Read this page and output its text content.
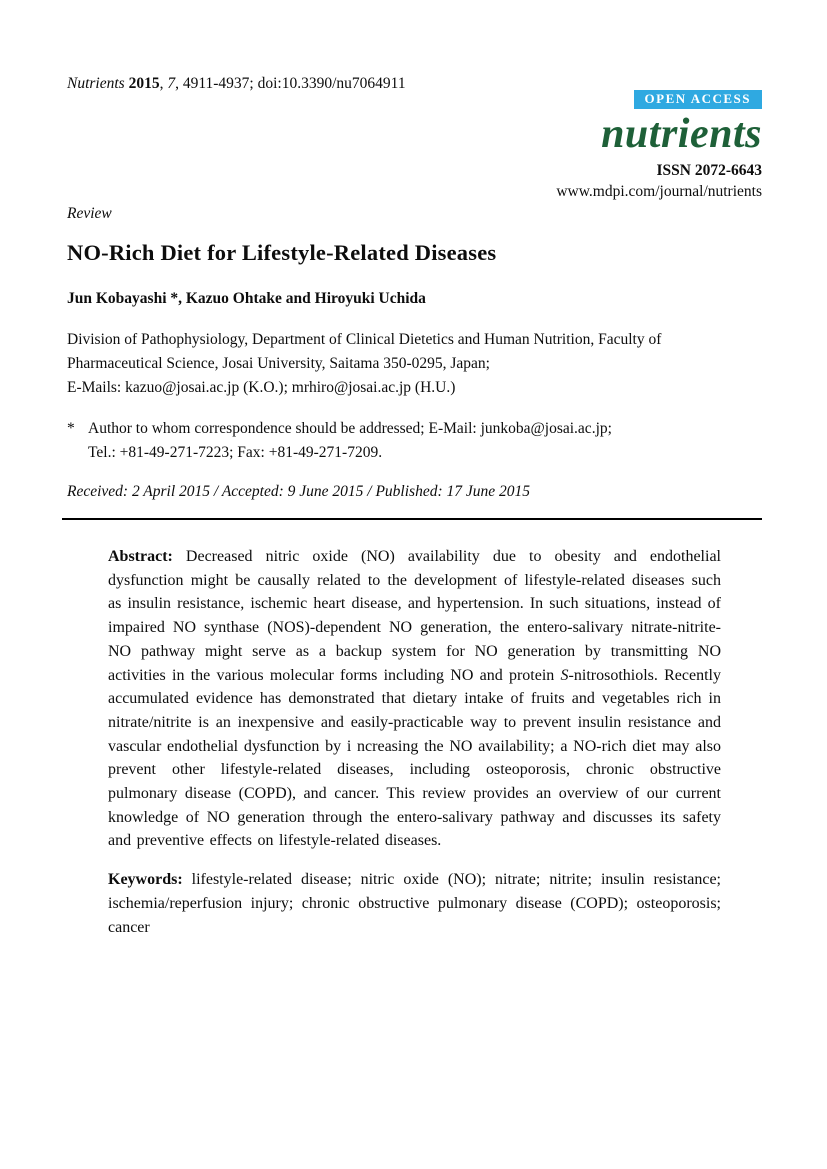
Nutrients 2015, 7, 4911-4937; doi:10.3390/nu7064911
OPEN ACCESS
nutrients
ISSN 2072-6643
www.mdpi.com/journal/nutrients
Review
NO-Rich Diet for Lifestyle-Related Diseases
Jun Kobayashi *, Kazuo Ohtake and Hiroyuki Uchida
Division of Pathophysiology, Department of Clinical Dietetics and Human Nutrition, Faculty of
Pharmaceutical Science, Josai University, Saitama 350-0295, Japan;
E-Mails: kazuo@josai.ac.jp (K.O.); mrhiro@josai.ac.jp (H.U.)
* Author to whom correspondence should be addressed; E-Mail: junkoba@josai.ac.jp;
Tel.: +81-49-271-7223; Fax: +81-49-271-7209.
Received: 2 April 2015 / Accepted: 9 June 2015 / Published: 17 June 2015
Abstract: Decreased nitric oxide (NO) availability due to obesity and endothelial dysfunction might be causally related to the development of lifestyle-related diseases such as insulin resistance, ischemic heart disease, and hypertension. In such situations, instead of impaired NO synthase (NOS)-dependent NO generation, the entero-salivary nitrate-nitrite-NO pathway might serve as a backup system for NO generation by transmitting NO activities in the various molecular forms including NO and protein S-nitrosothiols. Recently accumulated evidence has demonstrated that dietary intake of fruits and vegetables rich in nitrate/nitrite is an inexpensive and easily-practicable way to prevent insulin resistance and vascular endothelial dysfunction by i ncreasing the NO availability; a NO-rich diet may also prevent other lifestyle-related diseases, including osteoporosis, chronic obstructive pulmonary disease (COPD), and cancer. This review provides an overview of our current knowledge of NO generation through the entero-salivary pathway and discusses its safety and preventive effects on lifestyle-related diseases.
Keywords: lifestyle-related disease; nitric oxide (NO); nitrate; nitrite; insulin resistance; ischemia/reperfusion injury; chronic obstructive pulmonary disease (COPD); osteoporosis; cancer
